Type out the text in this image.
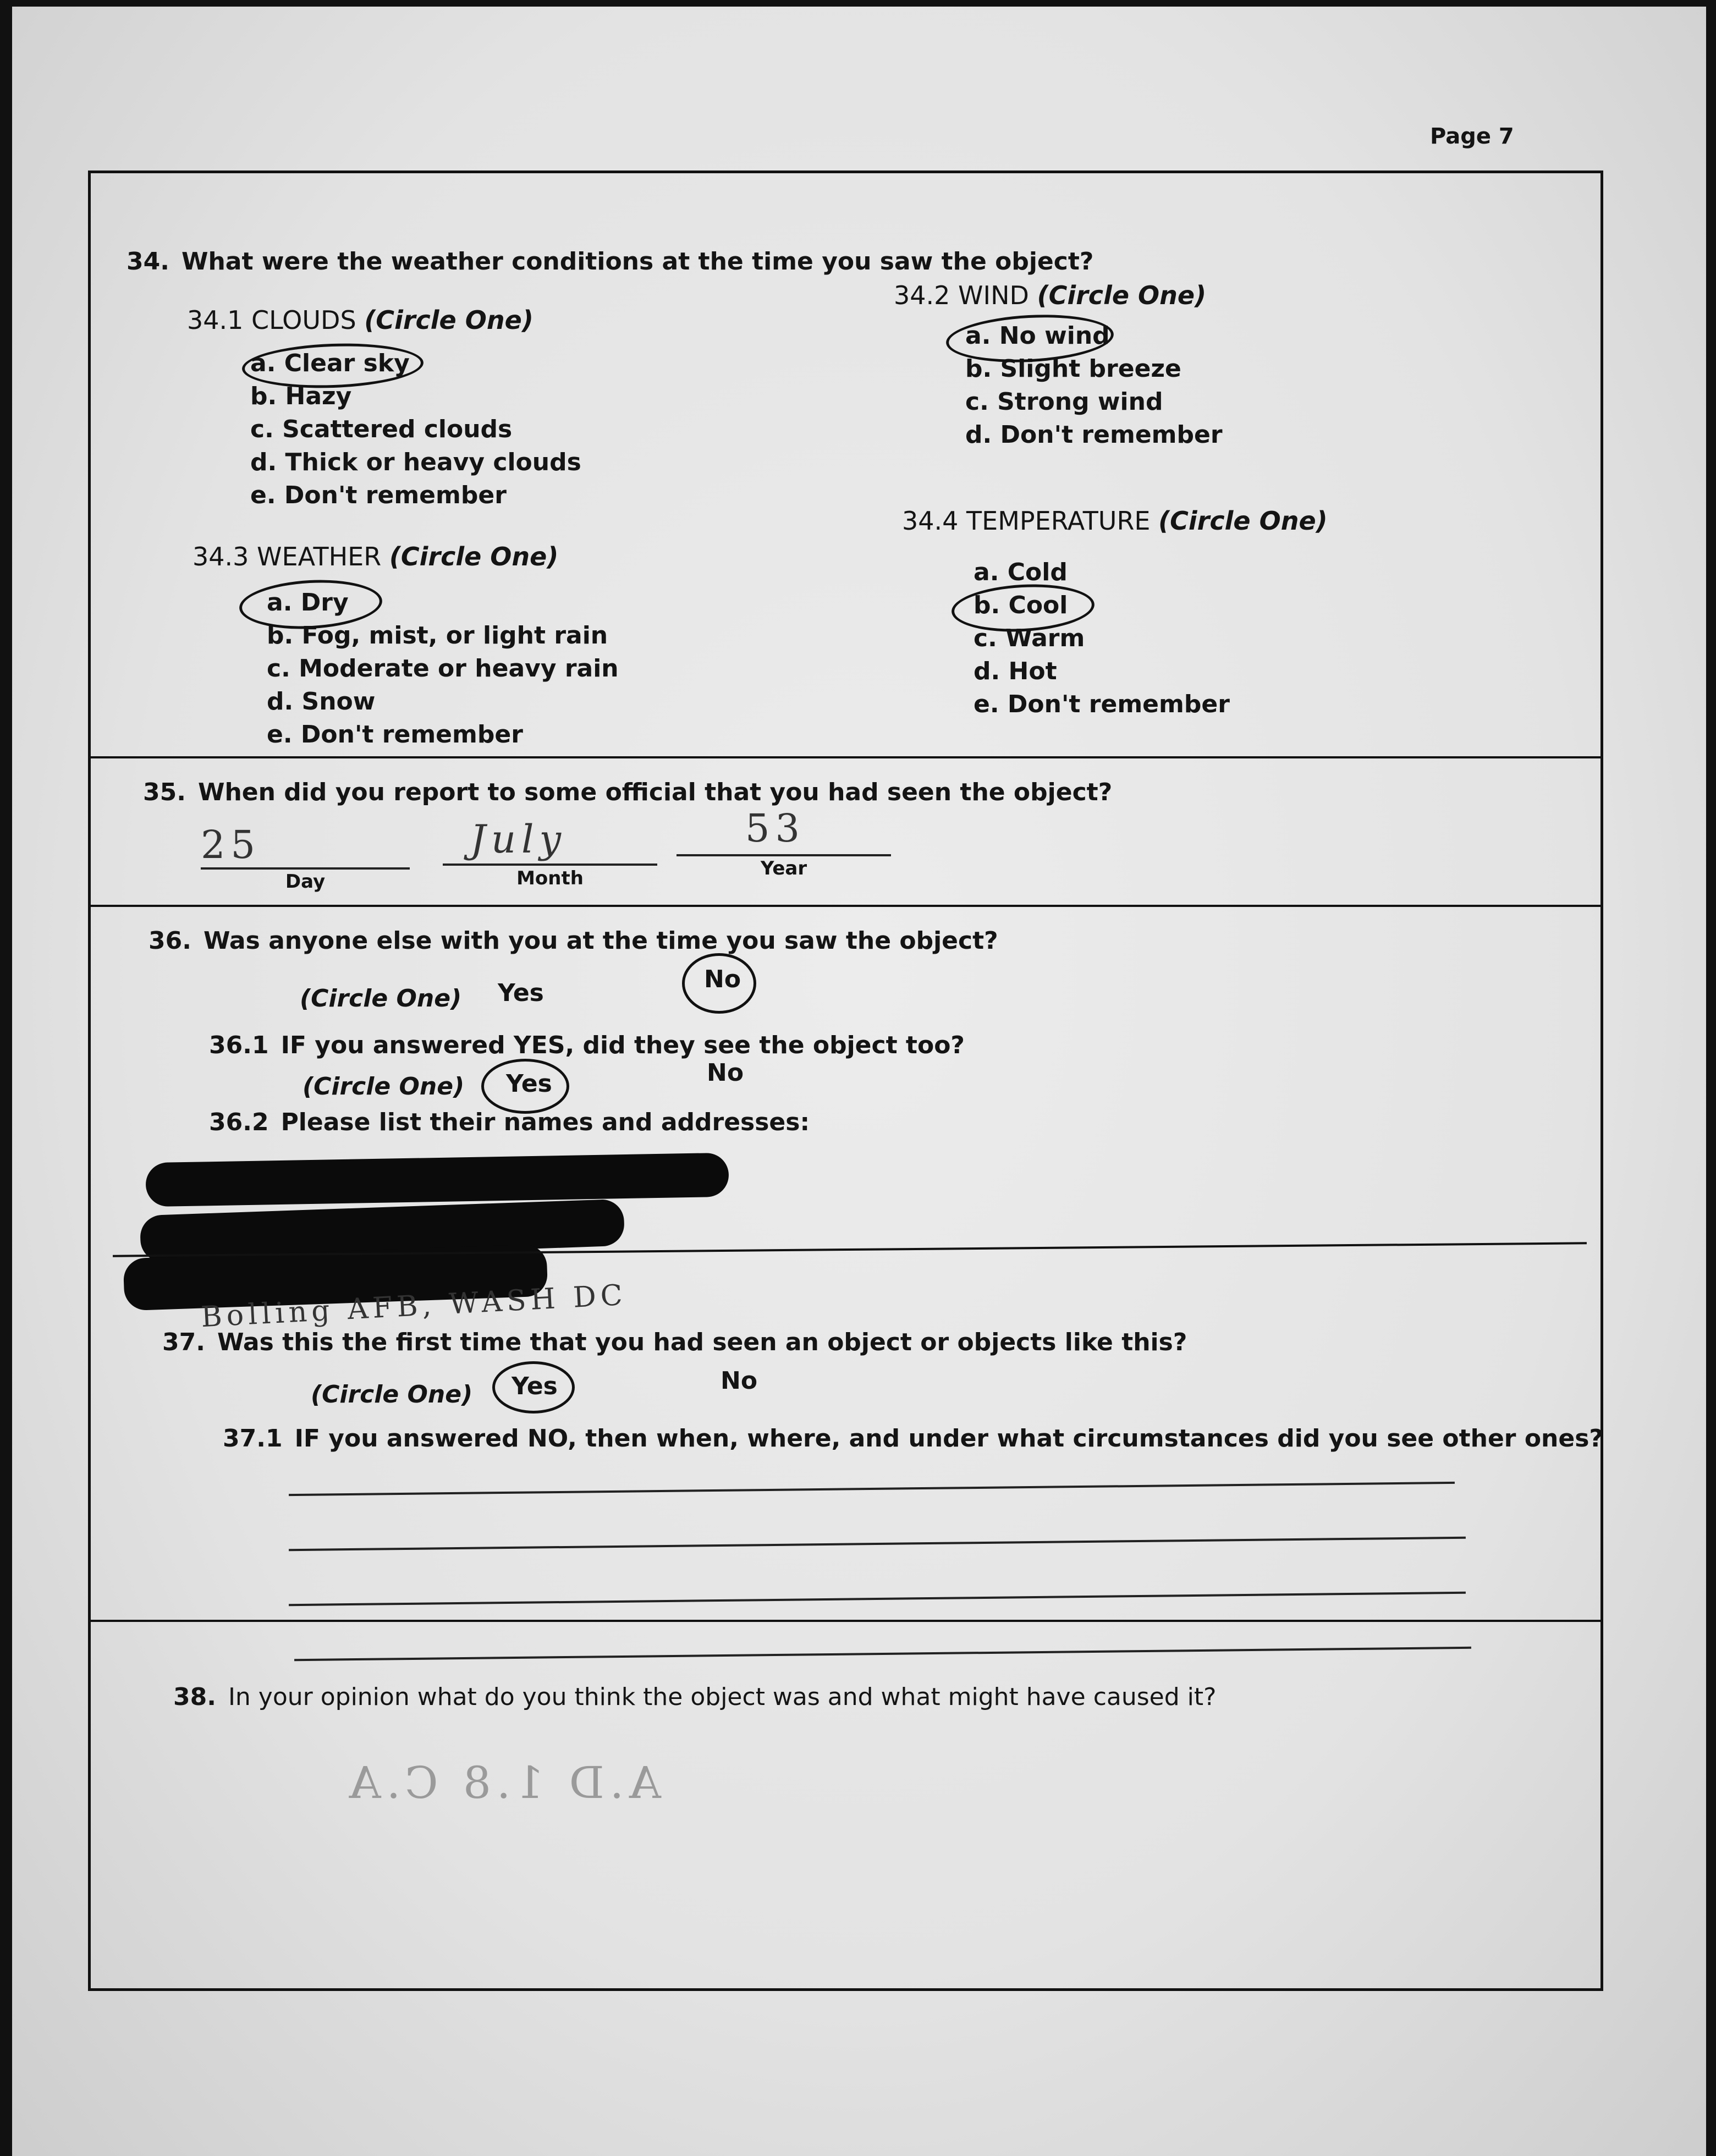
Page 7
34. What were the weather conditions at the time you saw the object?
34.1 CLOUDS (Circle One)
a. Clear sky
b. Hazy
c. Scattered clouds
d. Thick or heavy clouds
e. Don't remember
34.2 WIND (Circle One)
a. No wind
b. Slight breeze
c. Strong wind
d. Don't remember
34.3 WEATHER (Circle One)
a. Dry
b. Fog, mist, or light rain
c. Moderate or heavy rain
d. Snow
e. Don't remember
34.4 TEMPERATURE (Circle One)
a. Cold
b. Cool
c. Warm
d. Hot
e. Don't remember
35. When did you report to some official that you had seen the object?
25
Day
July
Month
53
Year
36. Was anyone else with you at the time you saw the object?
(Circle One) Yes	No
36.1 IF you answered YES, did they see the object too?
(Circle One) Yes	No
36.2 Please list their names and addresses:
Bolling AFB, WASH DC
37. Was this the first time that you had seen an object or objects like this?
(Circle One) Yes	No
37.1 IF you answered NO, then when, where, and under what circumstances did you see other ones?
38. In your opinion what do you think the object was and what might have caused it?
A.D 1.8 C.A
